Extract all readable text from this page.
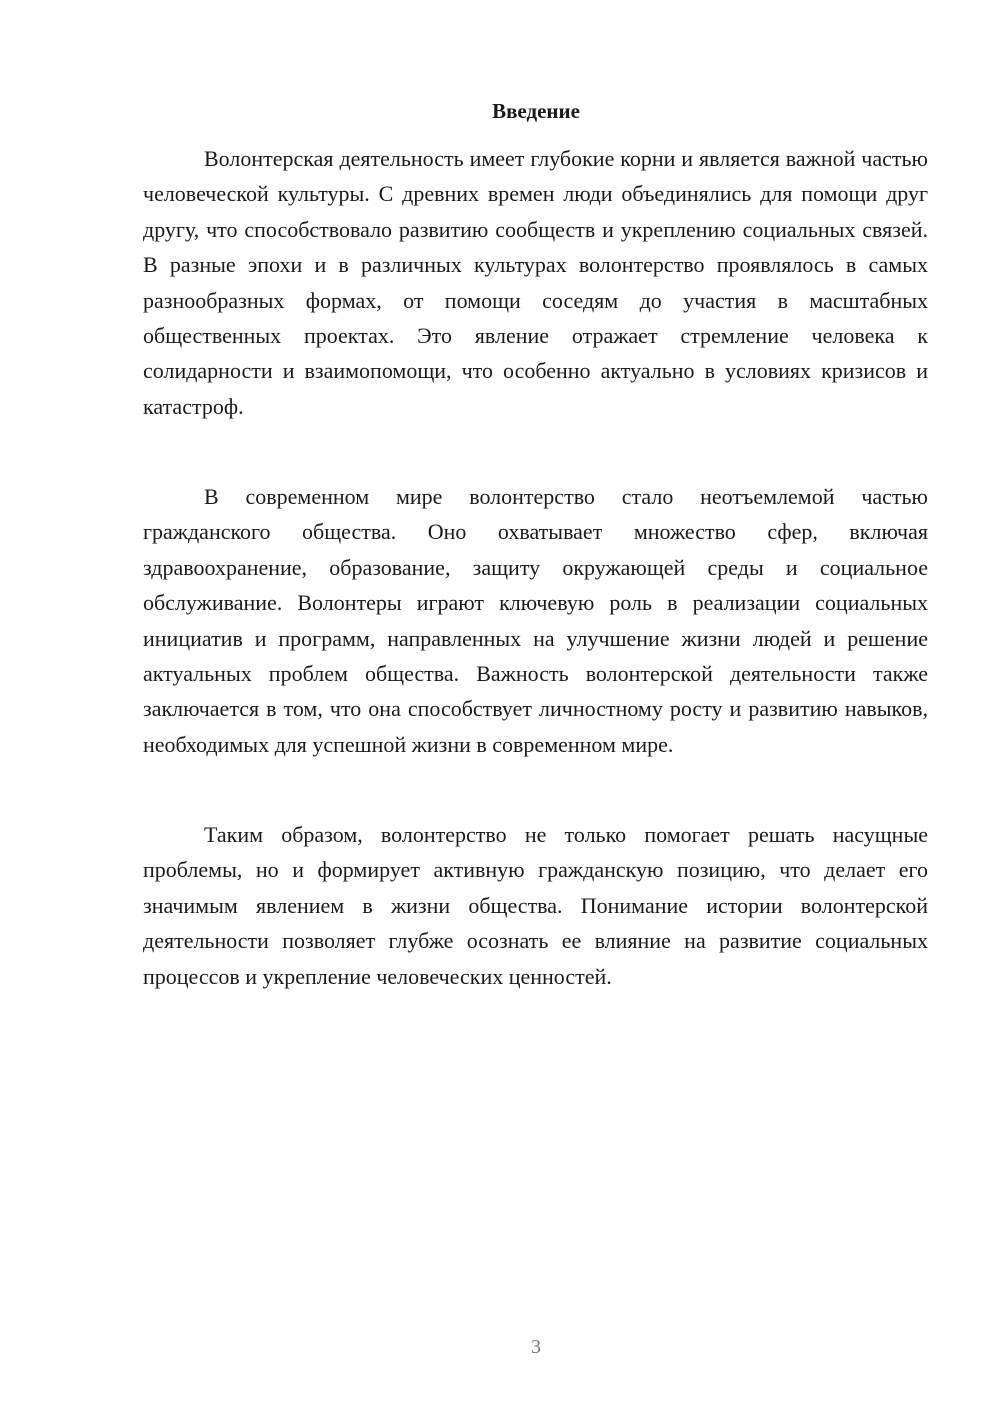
Введение

Волонтерская деятельность имеет глубокие корни и является важной частью человеческой культуры. С древних времен люди объединялись для помощи друг другу, что способствовало развитию сообществ и укреплению социальных связей. В разные эпохи и в различных культурах волонтерство проявлялось в самых разнообразных формах, от помощи соседям до участия в масштабных общественных проектах. Это явление отражает стремление человека к солидарности и взаимопомощи, что особенно актуально в условиях кризисов и катастроф.

В современном мире волонтерство стало неотъемлемой частью гражданского общества. Оно охватывает множество сфер, включая здравоохранение, образование, защиту окружающей среды и социальное обслуживание. Волонтеры играют ключевую роль в реализации социальных инициатив и программ, направленных на улучшение жизни людей и решение актуальных проблем общества. Важность волонтерской деятельности также заключается в том, что она способствует личностному росту и развитию навыков, необходимых для успешной жизни в современном мире.

Таким образом, волонтерство не только помогает решать насущные проблемы, но и формирует активную гражданскую позицию, что делает его значимым явлением в жизни общества. Понимание истории волонтерской деятельности позволяет глубже осознать ее влияние на развитие социальных процессов и укрепление человеческих ценностей.

3
